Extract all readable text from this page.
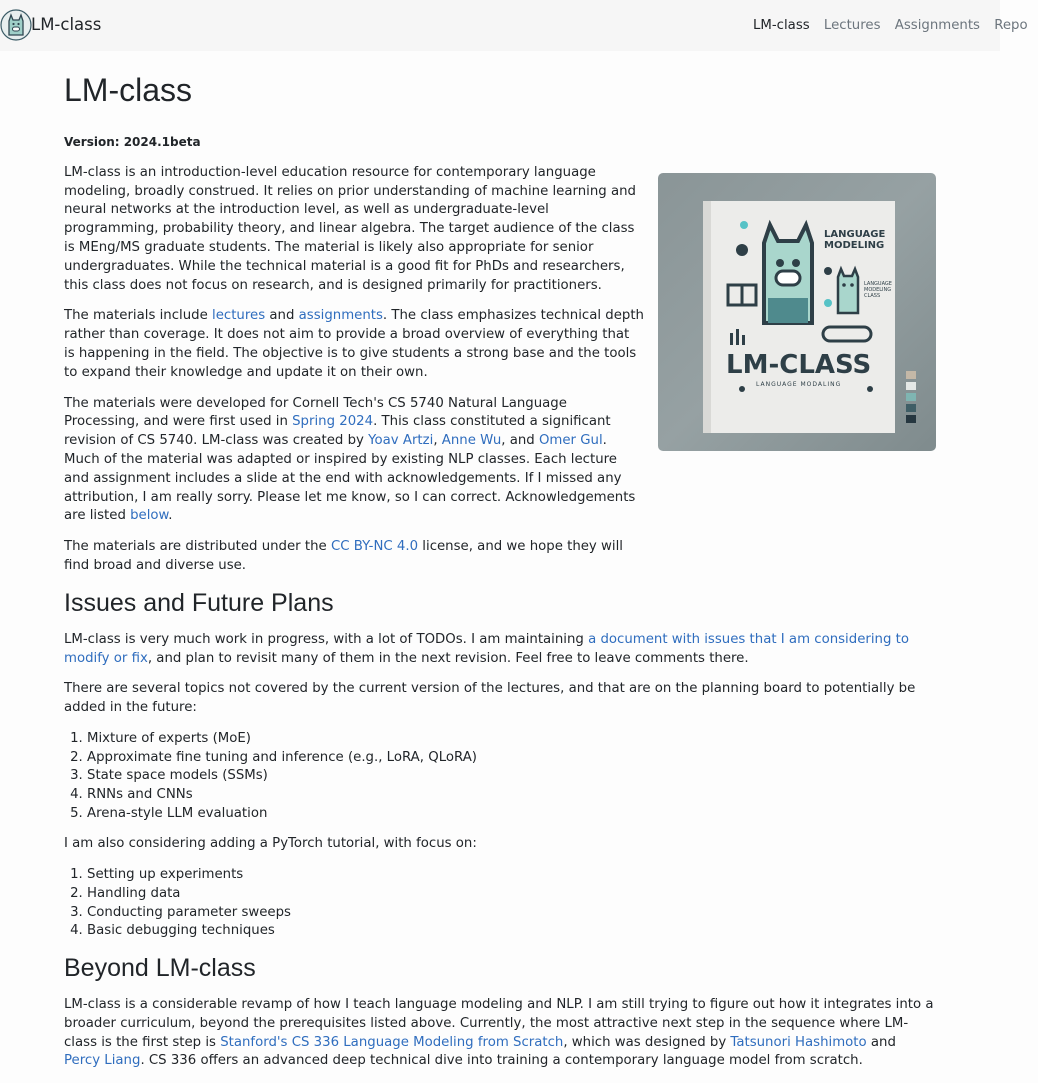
LM-class	LM-class Lectures Assignments Repo
LM-class
Version: 2024.1beta

LM-class is an introduction-level education resource for contemporary language modeling, broadly construed. It relies on prior understanding of machine learning and neural networks at the introduction level, as well as undergraduate-level programming, probability theory, and linear algebra. The target audience of the class is MEng/MS graduate students. The material is likely also appropriate for senior undergraduates. While the technical material is a good fit for PhDs and researchers, this class does not focus on research, and is designed primarily for practitioners.

The materials include lectures and assignments. The class emphasizes technical depth rather than coverage. It does not aim to provide a broad overview of everything that is happening in the field. The objective is to give students a strong base and the tools to expand their knowledge and update it on their own.

The materials were developed for Cornell Tech's CS 5740 Natural Language Processing, and were first used in Spring 2024. This class constituted a significant revision of CS 5740. LM-class was created by Yoav Artzi, Anne Wu, and Omer Gul. Much of the material was adapted or inspired by existing NLP classes. Each lecture and assignment includes a slide at the end with acknowledgements. If I missed any attribution, I am really sorry. Please let me know, so I can correct. Acknowledgements are listed below.

The materials are distributed under the CC BY-NC 4.0 license, and we hope they will find broad and diverse use.

LANGUAGE
MODELING
LANGUAGE
MODELING
CLASS
LM-CLASS
LANGUAGE MODALING
Issues and Future Plans

LM-class is very much work in progress, with a lot of TODOs. I am maintaining a document with issues that I am considering to modify or fix, and plan to revisit many of them in the next revision. Feel free to leave comments there.

There are several topics not covered by the current version of the lectures, and that are on the planning board to potentially be added in the future:

1. Mixture of experts (MoE)
2. Approximate fine tuning and inference (e.g., LoRA, QLoRA)
3. State space models (SSMs)
4. RNNs and CNNs
5. Arena-style LLM evaluation

I am also considering adding a PyTorch tutorial, with focus on:

1. Setting up experiments
2. Handling data
3. Conducting parameter sweeps
4. Basic debugging techniques
Beyond LM-class

LM-class is a considerable revamp of how I teach language modeling and NLP. I am still trying to figure out how it integrates into a broader curriculum, beyond the prerequisites listed above. Currently, the most attractive next step in the sequence where LM-class is the first step is Stanford's CS 336 Language Modeling from Scratch, which was designed by Tatsunori Hashimoto and Percy Liang. CS 336 offers an advanced deep technical dive into training a contemporary language model from scratch.
